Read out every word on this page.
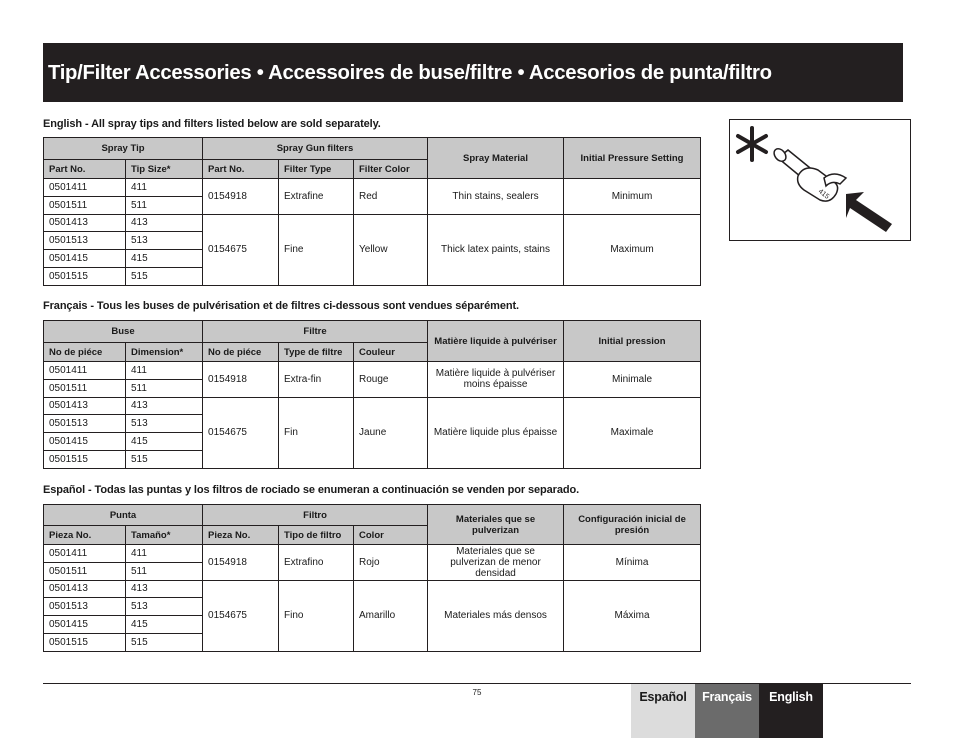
Tip/Filter Accessories • Accessoires de buse/filtre • Accesorios de punta/filtro
English - All spray tips and filters listed below are sold separately.
Spray Tip		Spray Gun filters			Spray Material	Initial Pressure Setting
Part No.	Tip Size*	Part No.	Filter Type	Filter Color		
0501411	411	0154918	Extrafine	Red	Thin stains, sealers	Minimum
0501511	511					
0501413	413	0154675	Fine	Yellow	Thick latex paints, stains	Maximum
0501513	513					
0501415	415					
0501515	515					
Français - Tous les buses de pulvérisation et de filtres ci-dessous sont vendues séparément.
Buse		Filtre			Matière liquide à pulvériser	Initial pression
No de piéce	Dimension*	No de piéce	Type de filtre	Couleur		
0501411	411	0154918	Extra-fin	Rouge	Matière liquide à pulvériser moins épaisse	Minimale
0501511	511					
0501413	413	0154675	Fin	Jaune	Matière liquide plus épaisse	Maximale
0501513	513					
0501415	415					
0501515	515					
Español - Todas las puntas y los filtros de rociado se enumeran a continuación se venden por separado.
Punta		Filtro			Materiales que se pulverizan	Configuración inicial de presión
Pieza No.	Tamaño*	Pieza No.	Tipo de filtro	Color		
0501411	411	0154918	Extrafino	Rojo	Materiales que se pulverizan de menor densidad	Mínima
0501511	511					
0501413	413	0154675	Fino	Amarillo	Materiales más densos	Máxima
0501513	513					
0501415	415					
0501515	515					
415
75	Español	Français	English
